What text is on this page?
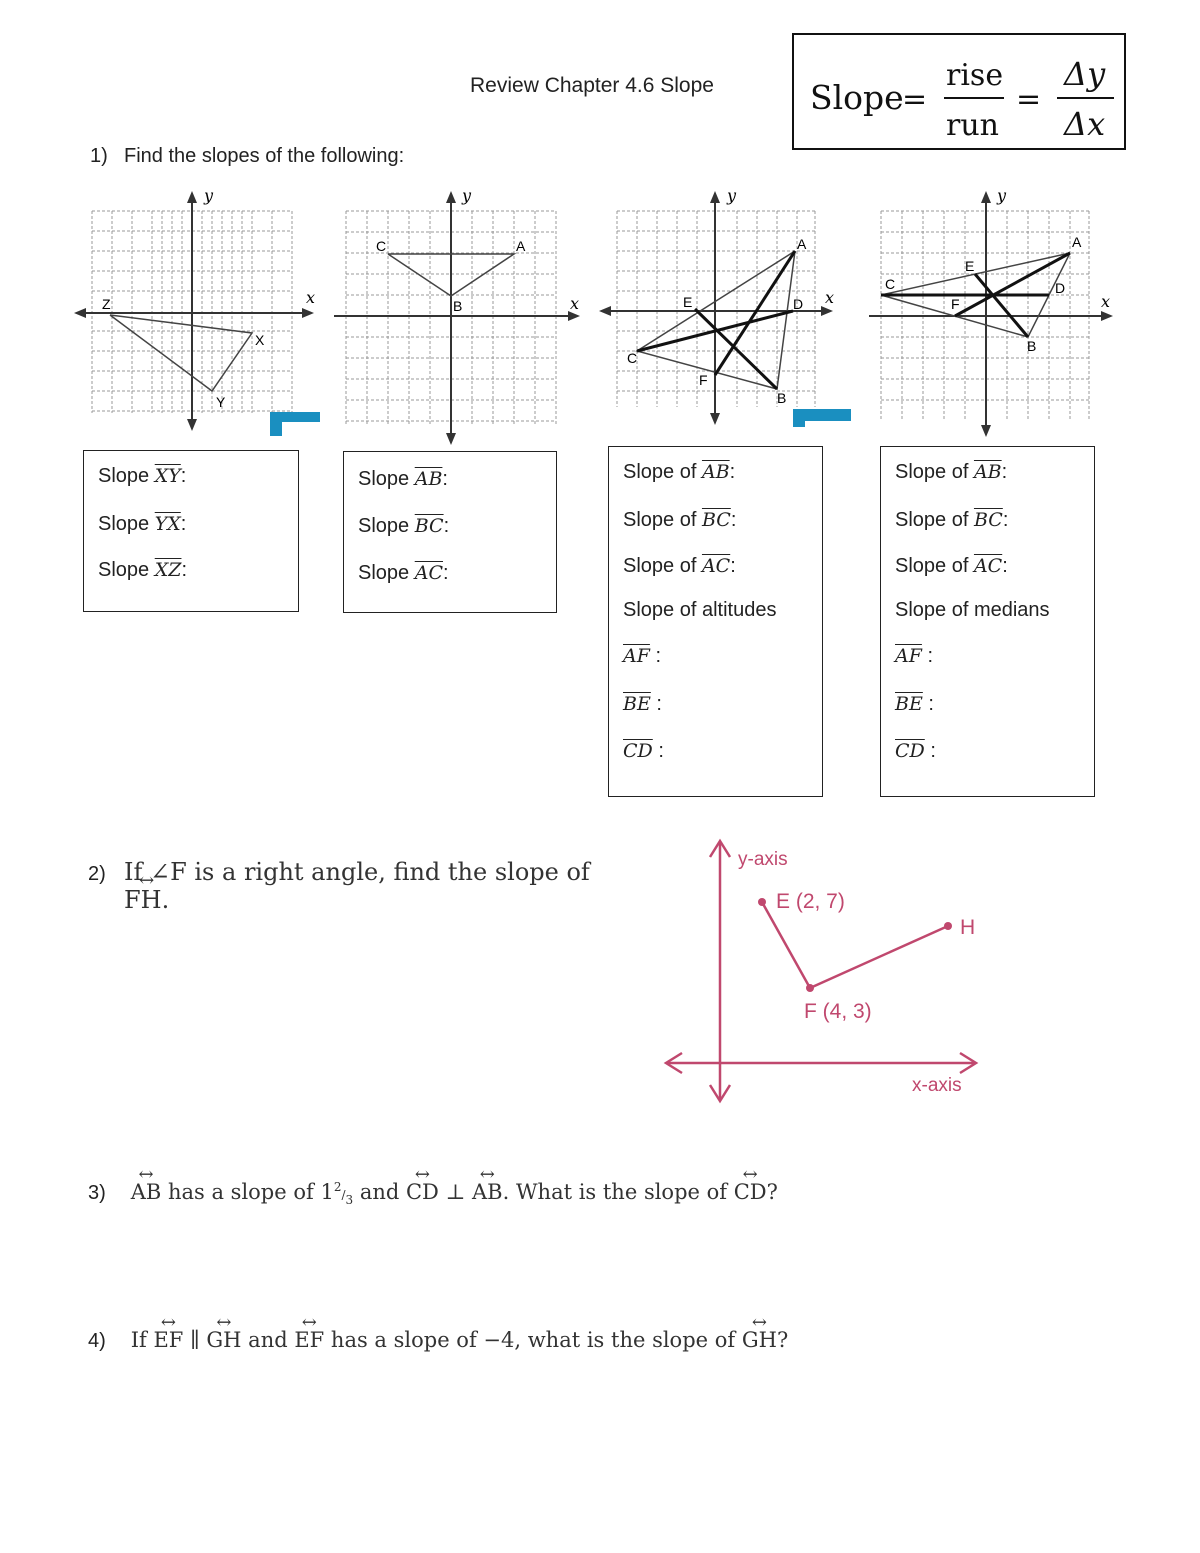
Review Chapter 4.6 Slope	Slope
=
rise
run
=
Δy
Δx
1) Find the slopes of the following:
y
x
Z
X
Y
y
x
C	A
B
y
x
A
E	D
C
F
B
y
x
A
E
C
F
D
B
Slope $\overline{XY}$:
Slope $\overline{YX}$:
Slope $\overline{XZ}$:
Slope $\overline{AB}$:
Slope $\overline{BC}$:
Slope $\overline{AC}$:
Slope of $\overline{AB}$:
Slope of $\overline{BC}$:
Slope of $\overline{AC}$:
Slope of altitudes
$\overline{AF}$ :
$\overline{BE}$ :
$\overline{CD}$ :
Slope of $\overline{AB}$:
Slope of $\overline{BC}$:
Slope of $\overline{AC}$:
Slope of medians
$\overline{AF}$ :
$\overline{BE}$ :
$\overline{CD}$ :
2) If ∠F is a right angle, find the slope of
↔ FH.
y-axis
x-axis
E (2, 7)
F (4, 3)
H
3) ↔ AB has a slope of $1^2/_3$ and ↔ CD ⊥ ↔ AB. What is the slope of ↔ CD?
4) If ↔ EF ∥ ↔ GH and ↔ EF has a slope of −4, what is the slope of ↔ GH?
